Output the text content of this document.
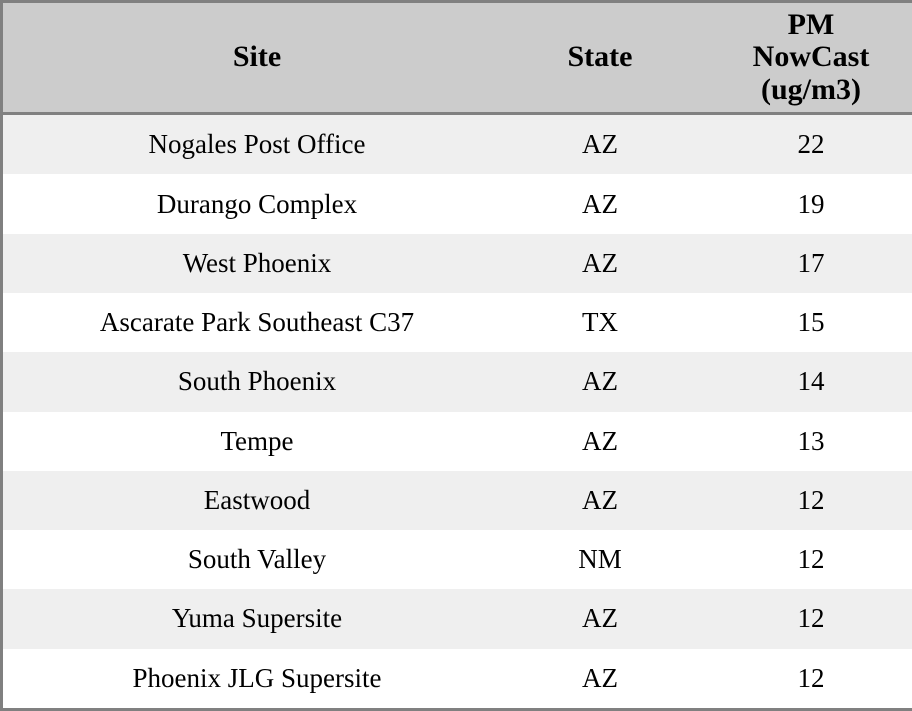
Site	State	PM
NowCast
(ug/m3)

Nogales Post Office	AZ	22
Durango Complex	AZ	19
West Phoenix	AZ	17
Ascarate Park Southeast C37	TX	15
South Phoenix	AZ	14
Tempe	AZ	13
Eastwood	AZ	12
South Valley	NM	12
Yuma Supersite	AZ	12
Phoenix JLG Supersite	AZ	12
